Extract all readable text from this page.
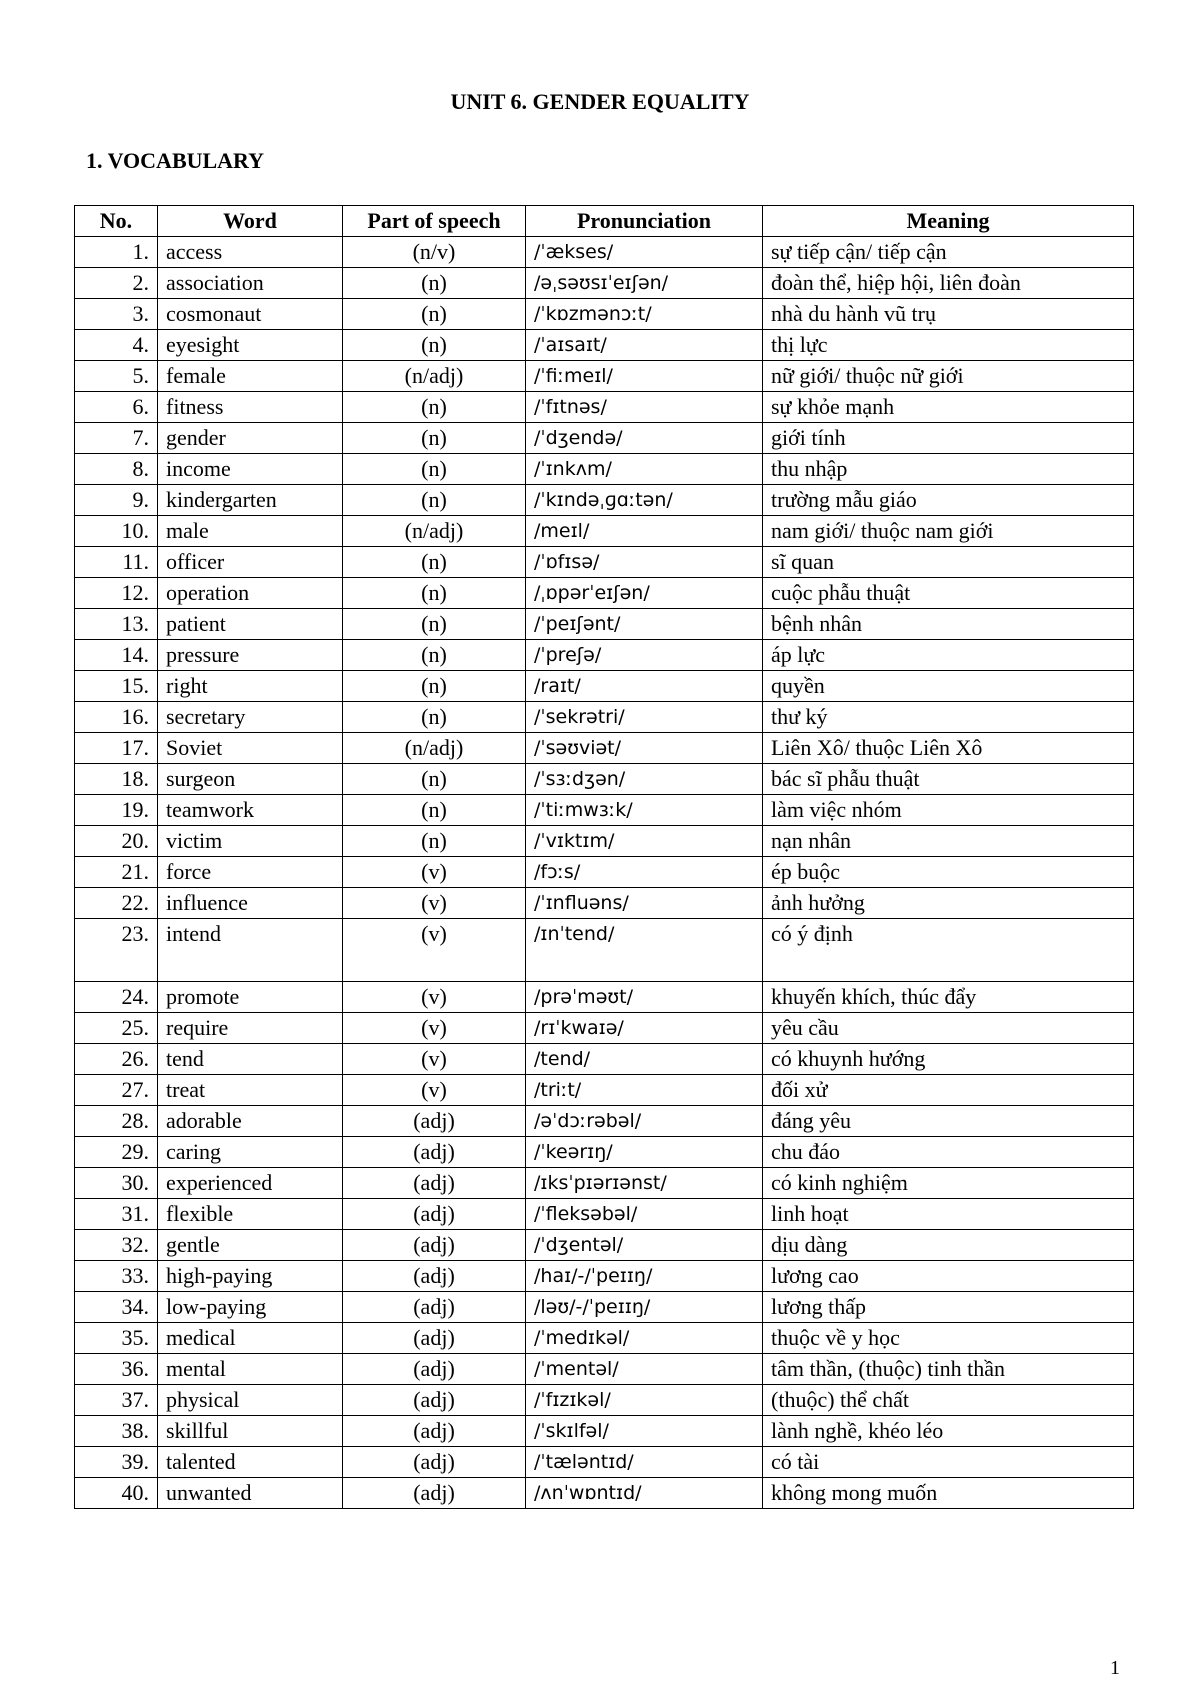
UNIT 6. GENDER EQUALITY
1. VOCABULARY
No.	Word	Part of speech	Pronunciation	Meaning
1.	access	(n/v)	/ˈækses/	sự tiếp cận/ tiếp cận
2.	association	(n)	/əˌsəʊsɪˈeɪʃən/	đoàn thể, hiệp hội, liên đoàn
3.	cosmonaut	(n)	/ˈkɒzmənɔːt/	nhà du hành vũ trụ
4.	eyesight	(n)	/ˈaɪsaɪt/	thị lực
5.	female	(n/adj)	/ˈfiːmeɪl/	nữ giới/ thuộc nữ giới
6.	fitness	(n)	/ˈfɪtnəs/	sự khỏe mạnh
7.	gender	(n)	/ˈdʒendə/	giới tính
8.	income	(n)	/ˈɪnkʌm/	thu nhập
9.	kindergarten	(n)	/ˈkɪndəˌɡɑːtən/	trường mẫu giáo
10.	male	(n/adj)	/meɪl/	nam giới/ thuộc nam giới
11.	officer	(n)	/ˈɒfɪsə/	sĩ quan
12.	operation	(n)	/ˌɒpərˈeɪʃən/	cuộc phẫu thuật
13.	patient	(n)	/ˈpeɪʃənt/	bệnh nhân
14.	pressure	(n)	/ˈpreʃə/	áp lực
15.	right	(n)	/raɪt/	quyền
16.	secretary	(n)	/ˈsekrətri/	thư ký
17.	Soviet	(n/adj)	/ˈsəʊviət/	Liên Xô/ thuộc Liên Xô
18.	surgeon	(n)	/ˈsɜːdʒən/	bác sĩ phẫu thuật
19.	teamwork	(n)	/ˈtiːmwɜːk/	làm việc nhóm
20.	victim	(n)	/ˈvɪktɪm/	nạn nhân
21.	force	(v)	/fɔːs/	ép buộc
22.	influence	(v)	/ˈɪnfluəns/	ảnh hưởng
23.	intend	(v)	/ɪnˈtend/	có ý định
24.	promote	(v)	/prəˈməʊt/	khuyến khích, thúc đẩy
25.	require	(v)	/rɪˈkwaɪə/	yêu cầu
26.	tend	(v)	/tend/	có khuynh hướng
27.	treat	(v)	/triːt/	đối xử
28.	adorable	(adj)	/əˈdɔːrəbəl/	đáng yêu
29.	caring	(adj)	/ˈkeərɪŋ/	chu đáo
30.	experienced	(adj)	/ɪksˈpɪərɪənst/	có kinh nghiệm
31.	flexible	(adj)	/ˈfleksəbəl/	linh hoạt
32.	gentle	(adj)	/ˈdʒentəl/	dịu dàng
33.	high-paying	(adj)	/haɪ/-/ˈpeɪɪŋ/	lương cao
34.	low-paying	(adj)	/ləʊ/-/ˈpeɪɪŋ/	lương thấp
35.	medical	(adj)	/ˈmedɪkəl/	thuộc về y học
36.	mental	(adj)	/ˈmentəl/	tâm thần, (thuộc) tinh thần
37.	physical	(adj)	/ˈfɪzɪkəl/	(thuộc) thể chất
38.	skillful	(adj)	/ˈskɪlfəl/	lành nghề, khéo léo
39.	talented	(adj)	/ˈtæləntɪd/	có tài
40.	unwanted	(adj)	/ʌnˈwɒntɪd/	không mong muốn
1
